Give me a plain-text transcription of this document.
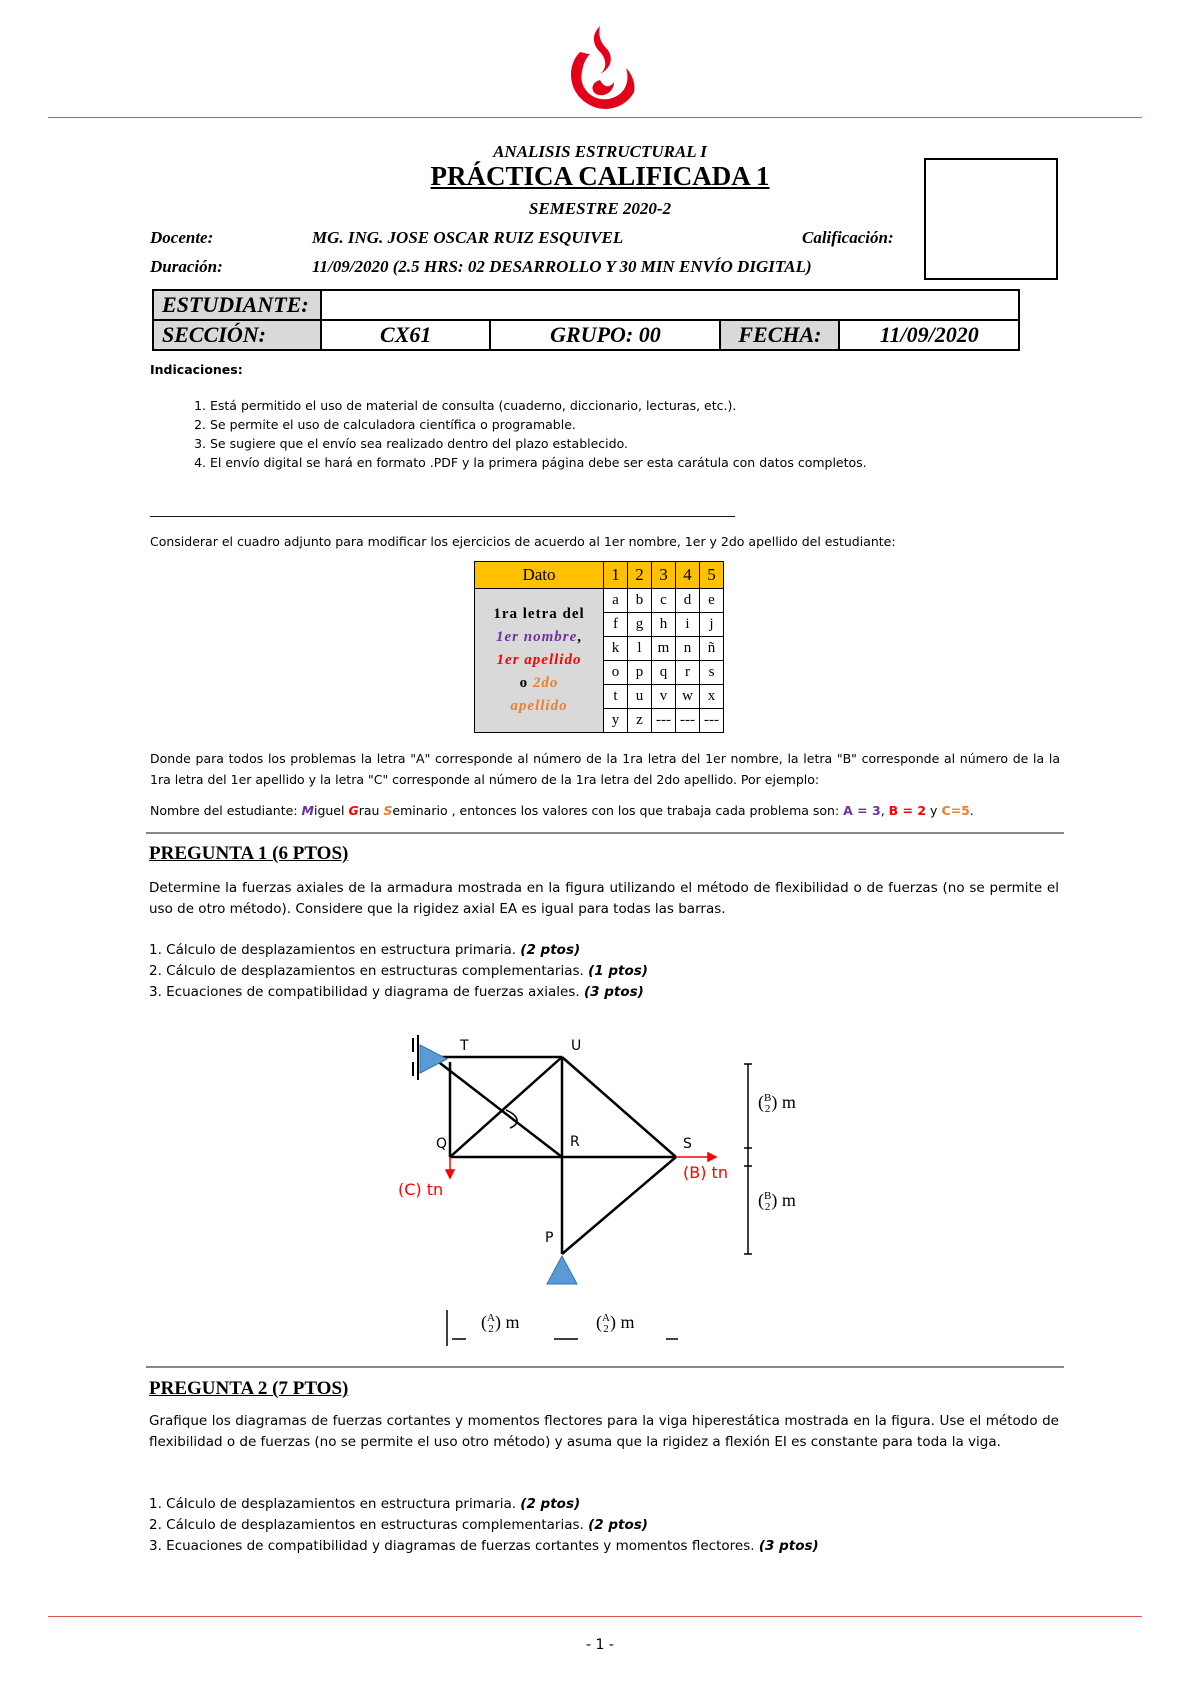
ANALISIS ESTRUCTURAL I
PRÁCTICA CALIFICADA 1
SEMESTRE 2020-2
Docente:	MG. ING. JOSE OSCAR RUIZ ESQUIVEL	Calificación:
Duración:	11/09/2020 (2.5 HRS: 02 DESARROLLO Y 30 MIN ENVÍO DIGITAL)
ESTUDIANTE:				
SECCIÓN:	CX61	GRUPO: 00	FECHA:	11/09/2020
Indicaciones:
1. Está permitido el uso de material de consulta (cuaderno, diccionario, lecturas, etc.).
2. Se permite el uso de calculadora científica o programable.
3. Se sugiere que el envío sea realizado dentro del plazo establecido.
4. El envío digital se hará en formato .PDF y la primera página debe ser esta carátula con datos completos.
__________________________________________________________________________________________
Considerar el cuadro adjunto para modificar los ejercicios de acuerdo al 1er nombre, 1er y 2do apellido del estudiante:
Dato	1	2	3	4	5

1ra letra del
1er nombre,
1er apellido
o 2do
apellido	a	b	c	d	e
	f	g	h	i	j
	k	l	m	n	ñ
	o	p	q	r	s
	t	u	v	w	x
	y	z	---	---	---
Donde para todos los problemas la letra "A" corresponde al número de la 1ra letra del 1er nombre, la letra "B" corresponde al número de la la 1ra letra del 1er apellido y la letra "C" corresponde al número de la 1ra letra del 2do apellido. Por ejemplo:
Nombre del estudiante: Miguel Grau Seminario , entonces los valores con los que trabaja cada problema son: A = 3, B = 2 y C=5.
PREGUNTA 1 (6 PTOS)
Determine la fuerzas axiales de la armadura mostrada en la figura utilizando el método de flexibilidad o de fuerzas (no se permite el uso de otro método). Considere que la rigidez axial EA es igual para todas las barras.
1. Cálculo de desplazamientos en estructura primaria. (2 ptos)
2. Cálculo de desplazamientos en estructuras complementarias. (1 ptos)
3. Ecuaciones de compatibilidad y diagrama de fuerzas axiales. (3 ptos)
T	U
Q	R	S
P
(C) tn
(B) tn
(B
2) m
(B
2) m
(A
2) m	(A
2) m
PREGUNTA 2 (7 PTOS)
Grafique los diagramas de fuerzas cortantes y momentos flectores para la viga hiperestática mostrada en la figura. Use el método de flexibilidad o de fuerzas (no se permite el uso otro método) y asuma que la rigidez a flexión EI es constante para toda la viga.
1. Cálculo de desplazamientos en estructura primaria. (2 ptos)
2. Cálculo de desplazamientos en estructuras complementarias. (2 ptos)
3. Ecuaciones de compatibilidad y diagramas de fuerzas cortantes y momentos flectores. (3 ptos)
- 1 -
